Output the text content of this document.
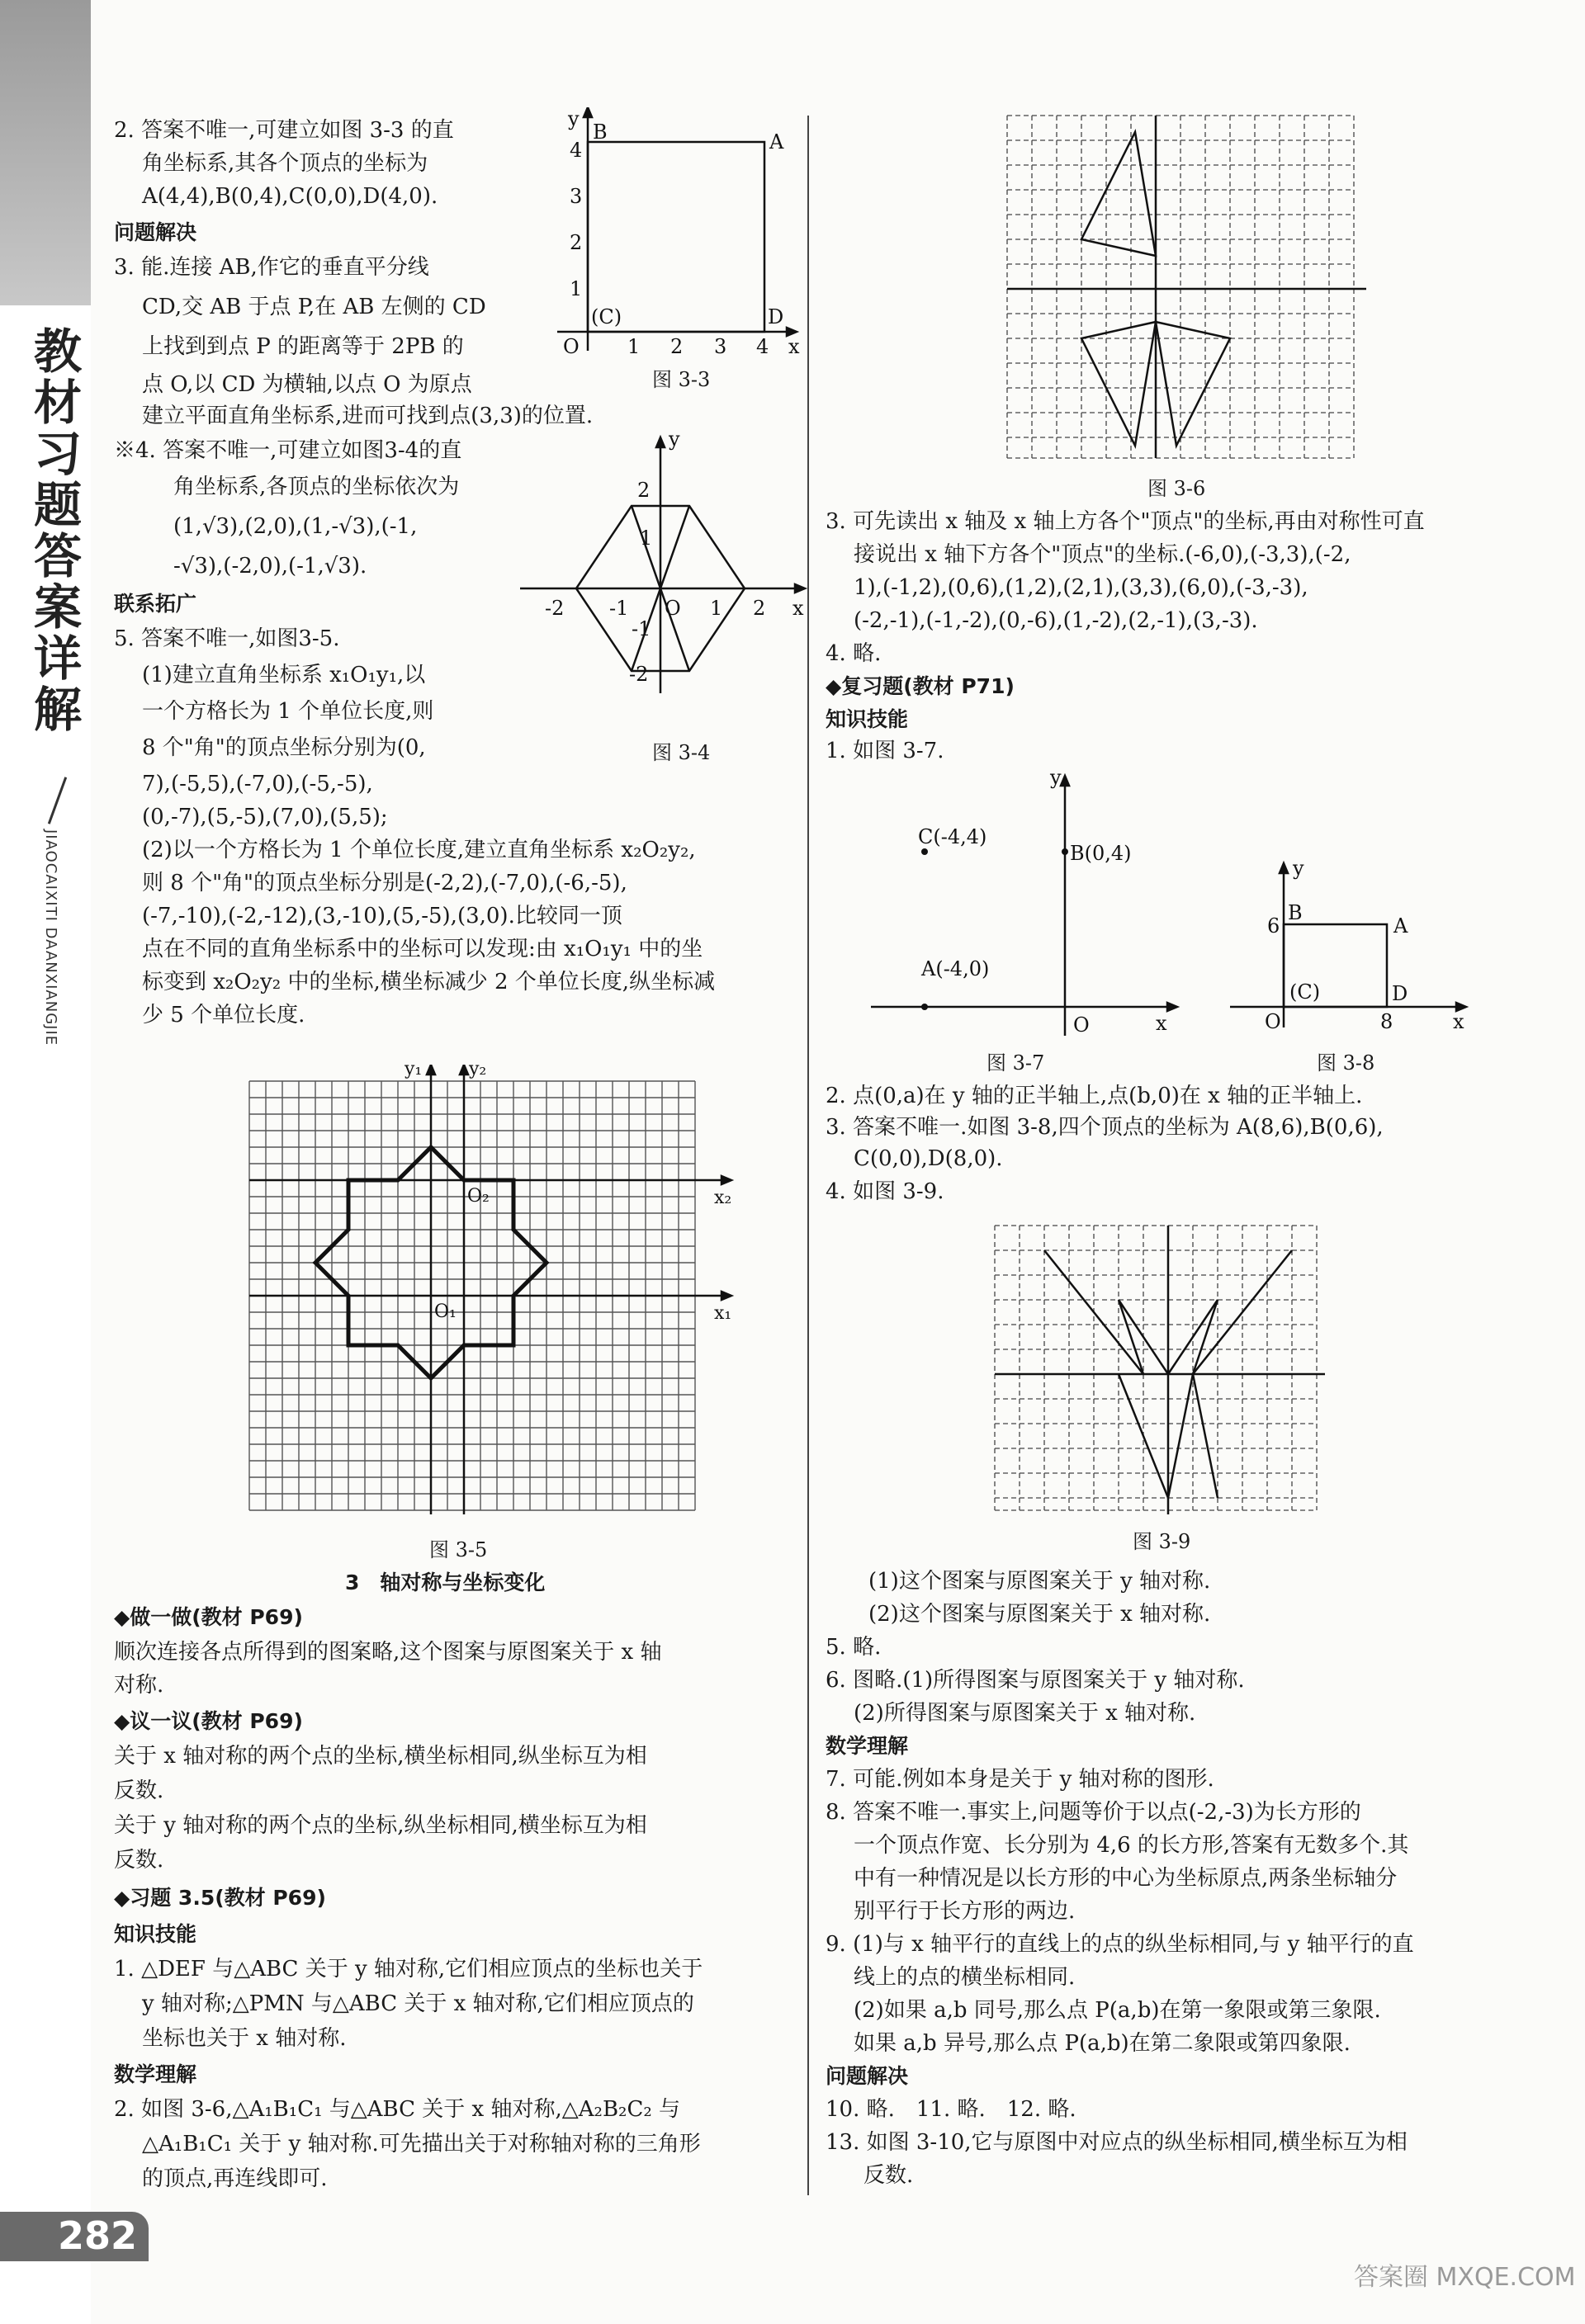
教材习题答案详解
JIAOCAIXITI DAANXIANGJIE
282
2. 答案不唯一,可建立如图 3-3 的直
角坐标系,其各个顶点的坐标为
A(4,4),B(0,4),C(0,0),D(4,0).
问题解决
3. 能.连接 AB,作它的垂直平分线
CD,交 AB 于点 P,在 AB 左侧的 CD
上找到到点 P 的距离等于 2PB 的
点 O,以 CD 为横轴,以点 O 为原点
建立平面直角坐标系,进而可找到点(3,3)的位置.
B	A
(C)	D
O	x
y
1 2 3 4
1
2
3
4
图 3-3
※4. 答案不唯一,可建立如图3-4的直
角坐标系,各顶点的坐标依次为
(1,√3),(2,0),(1,-√3),(-1,
-√3),(-2,0),(-1,√3).
x
y
O
-2 -1	1 2
2
1
-1
-2
图 3-4
联系拓广
5. 答案不唯一,如图3-5.
(1)建立直角坐标系 x₁O₁y₁,以
一个方格长为 1 个单位长度,则
8 个"角"的顶点坐标分别为(0,
7),(-5,5),(-7,0),(-5,-5),
(0,-7),(5,-5),(7,0),(5,5);
(2)以一个方格长为 1 个单位长度,建立直角坐标系 x₂O₂y₂,
则 8 个"角"的顶点坐标分别是(-2,2),(-7,0),(-6,-5),
(-7,-10),(-2,-12),(3,-10),(5,-5),(3,0).比较同一顶
点在不同的直角坐标系中的坐标可以发现:由 x₁O₁y₁ 中的坐
标变到 x₂O₂y₂ 中的坐标,横坐标减少 2 个单位长度,纵坐标减
少 5 个单位长度.
y₁	y₂
x₂
x₁
O₂
O₁
图 3-5
3　轴对称与坐标变化
◆做一做(教材 P69)
顺次连接各点所得到的图案略,这个图案与原图案关于 x 轴
对称.
◆议一议(教材 P69)
关于 x 轴对称的两个点的坐标,横坐标相同,纵坐标互为相
反数.
关于 y 轴对称的两个点的坐标,纵坐标相同,横坐标互为相
反数.
◆习题 3.5(教材 P69)
知识技能
1. △DEF 与△ABC 关于 y 轴对称,它们相应顶点的坐标也关于
y 轴对称;△PMN 与△ABC 关于 x 轴对称,它们相应顶点的
坐标也关于 x 轴对称.
数学理解
2. 如图 3-6,△A₁B₁C₁ 与△ABC 关于 x 轴对称,△A₂B₂C₂ 与
△A₁B₁C₁ 关于 y 轴对称.可先描出关于对称轴对称的三角形
的顶点,再连线即可.
图 3-6
3. 可先读出 x 轴及 x 轴上方各个"顶点"的坐标,再由对称性可直
接说出 x 轴下方各个"顶点"的坐标.(-6,0),(-3,3),(-2,
1),(-1,2),(0,6),(1,2),(2,1),(3,3),(6,0),(-3,-3),
(-2,-1),(-1,-2),(0,-6),(1,-2),(2,-1),(3,-3).
4. 略.
◆复习题(教材 P71)
知识技能
1. 如图 3-7.
C(-4,4)
B(0,4)
A(-4,0)
O	x
y
图 3-7
B
A
(C)	D
O
6
8	x
y
图 3-8
2. 点(0,a)在 y 轴的正半轴上,点(b,0)在 x 轴的正半轴上.
3. 答案不唯一.如图 3-8,四个顶点的坐标为 A(8,6),B(0,6),
C(0,0),D(8,0).
4. 如图 3-9.
图 3-9
(1)这个图案与原图案关于 y 轴对称.
(2)这个图案与原图案关于 x 轴对称.
5. 略.
6. 图略.(1)所得图案与原图案关于 y 轴对称.
(2)所得图案与原图案关于 x 轴对称.
数学理解
7. 可能.例如本身是关于 y 轴对称的图形.
8. 答案不唯一.事实上,问题等价于以点(-2,-3)为长方形的
一个顶点作宽、长分别为 4,6 的长方形,答案有无数多个.其
中有一种情况是以长方形的中心为坐标原点,两条坐标轴分
别平行于长方形的两边.
9. (1)与 x 轴平行的直线上的点的纵坐标相同,与 y 轴平行的直
线上的点的横坐标相同.
(2)如果 a,b 同号,那么点 P(a,b)在第一象限或第三象限.
如果 a,b 异号,那么点 P(a,b)在第二象限或第四象限.
问题解决
10. 略.　11. 略.　12. 略.
13. 如图 3-10,它与原图中对应点的纵坐标相同,横坐标互为相
反数.
答案圈 MXQE.COM
